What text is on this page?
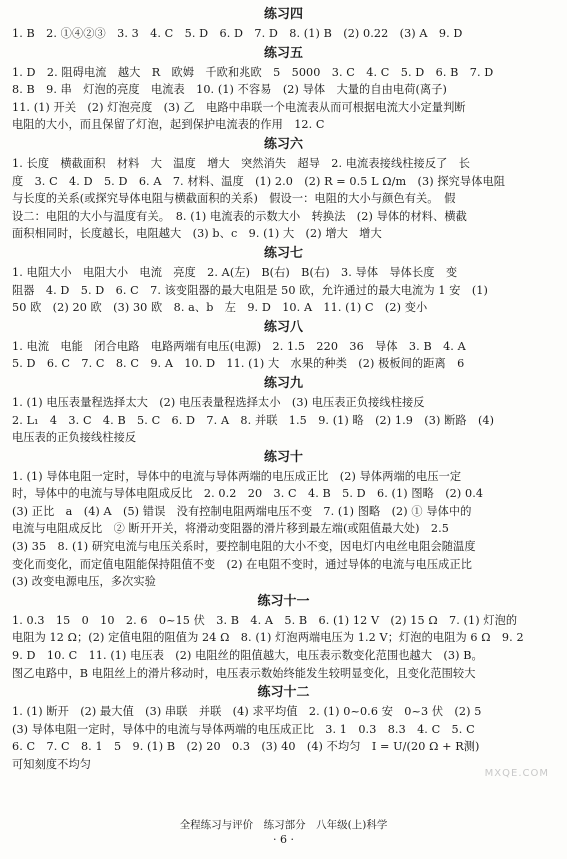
练习四
1. B　2. ①④②③　3. 3　4. C　5. D　6. D　7. D　8. (1) B　(2) 0.22　(3) A　9. D
练习五
1. D　2. 阻碍电流　越大　R　欧姆　千欧和兆欧　5　5000　3. C　4. C　5. D　6. B　7. D
8. B　9. 串　灯泡的亮度　电流表　10. (1) 不容易　(2) 导体　大量的自由电荷(离子)
11. (1) 开关　(2) 灯泡亮度　(3) 乙　电路中串联一个电流表从而可根据电流大小定量判断
电阻的大小，而且保留了灯泡，起到保护电流表的作用　12. C
练习六
1. 长度　横截面积　材料　大　温度　增大　突然消失　超导　2. 电流表接线柱接反了　长
度　3. C　4. D　5. D　6. A　7. 材料、温度　(1) 2.0　(2) R = 0.5 L Ω/m　(3) 探究导体电阻
与长度的关系(或探究导体电阻与横截面积的关系)　假设一：电阻的大小与颜色有关。　假
设二：电阻的大小与温度有关。　8. (1) 电流表的示数大小　转换法　(2) 导体的材料、横截
面积相同时，长度越长，电阻越大　(3) b、c　9. (1) 大　(2) 增大　增大
练习七
1. 电阻大小　电阻大小　电流　亮度　2. A(左)　B(右)　B(右)　3. 导体　导体长度　变
阻器　4. D　5. D　6. C　7. 该变阻器的最大电阻是 50 欧，允许通过的最大电流为 1 安　(1)
50 欧　(2) 20 欧　(3) 30 欧　8. a、b　左　9. D　10. A　11. (1) C　(2) 变小
练习八
1. 电流　电能　闭合电路　电路两端有电压(电源)　2. 1.5　220　36　导体　3. B　4. A
5. D　6. C　7. C　8. C　9. A　10. D　11. (1) 大　水果的种类　(2) 极板间的距离　6
练习九
1. (1) 电压表量程选择太大　(2) 电压表量程选择太小　(3) 电压表正负接线柱接反
2. L₁　4　3. C　4. B　5. C　6. D　7. A　8. 并联　1.5　9. (1) 略　(2) 1.9　(3) 断路　(4)
电压表的正负接线柱接反
练习十
1. (1) 导体电阻一定时，导体中的电流与导体两端的电压成正比　(2) 导体两端的电压一定
时，导体中的电流与导体电阻成反比　2. 0.2　20　3. C　4. B　5. D　6. (1) 图略　(2) 0.4
(3) 正比　a　(4) A　(5) 错误　没有控制电阻两端电压不变　7. (1) 图略　(2) ① 导体中的
电流与电阻成反比　② 断开开关，将滑动变阻器的滑片移到最左端(或阻值最大处)　2.5
(3) 35　8. (1) 研究电流与电压关系时，要控制电阻的大小不变，因电灯内电丝电阻会随温度
变化而变化，而定值电阻能保持阻值不变　(2) 在电阻不变时，通过导体的电流与电压成正比
(3) 改变电源电压，多次实验
练习十一
1. 0.3　15　0　10　2. 6　0~15 伏　3. B　4. A　5. B　6. (1) 12 V　(2) 15 Ω　7. (1) 灯泡的
电阻为 12 Ω；(2) 定值电阻的阻值为 24 Ω　8. (1) 灯泡两端电压为 1.2 V；灯泡的电阻为 6 Ω　9. 2
9. D　10. C　11. (1) 电压表　(2) 电阻丝的阻值越大，电压表示数变化范围也越大　(3) B。
图乙电路中，B 电阻丝上的滑片移动时，电压表示数始终能发生较明显变化，且变化范围较大
练习十二
1. (1) 断开　(2) 最大值　(3) 串联　并联　(4) 求平均值　2. (1) 0~0.6 安　0~3 伏　(2) 5
(3) 导体电阻一定时，导体中的电流与导体两端的电压成正比　3. 1　0.3　8.3　4. C　5. C
6. C　7. C　8. 1　5　9. (1) B　(2) 20　0.3　(3) 40　(4) 不均匀　I = U/(20 Ω + R测)
可知刻度不均匀
MXQE.COM
全程练习与评价　练习部分　八年级(上)科学
· 6 ·
